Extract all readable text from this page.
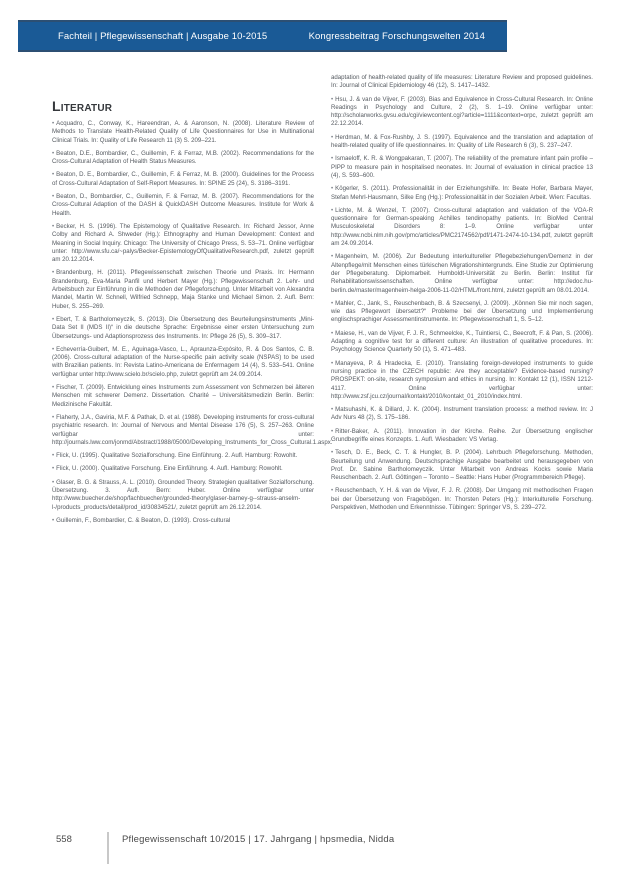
Fachteil | Pflegewissenschaft | Ausgabe 10-2015	Kongressbeitrag Forschungswelten 2014
Literatur

• Acquadro, C., Conway, K., Hareendran, A. & Aaronson, N. (2008). Literature Review of Methods to Translate Health-Related Quality of Life Questionnaires for Use in Multinational Clinical Trials. In: Quality of Life Research 11 (3) S. 209–221.

• Beaton, D.E., Bombardier, C., Guillemin, F. & Ferraz, M.B. (2002). Recommendations for the Cross-Cultural Adaptation of Health Status Measures.

• Beaton, D. E., Bombardier, C., Guillemin, F. & Ferraz, M. B. (2000). Guidelines for the Process of Cross-Cultural Adaptation of Self-Report Measures. In: SPINE 25 (24), S. 3186–3191.

• Beaton, D., Bombardier, C., Guillemin, F. & Ferraz, M. B. (2007). Recommendations for the Cross-Cultural Adaption of the DASH & QuickDASH Outcome Measures. Institute for Work & Health.

• Becker, H. S. (1996). The Epistemology of Qualitative Research. In: Richard Jessor, Anne Colby and Richard A. Shweder (Hg.): Ethnography and Human Development: Context and Meaning in Social Inquiry. Chicago: The University of Chicago Press, S. 53–71. Online verfügbar unter: http://www.sfu.ca/~palys/Becker-EpistemologyOfQualitativeResearch.pdf, zuletzt geprüft am 20.12.2014.

• Brandenburg, H. (2011). Pflegewissenschaft zwischen Theorie und Praxis. In: Hermann Brandenburg, Eva-Maria Panfil und Herbert Mayer (Hg.): Pflegewissenschaft 2. Lehr- und Arbeitsbuch zur Einführung in die Methoden der Pflegeforschung. Unter Mitarbeit von Alexandra Mandel, Martin W. Schnell, Wilfried Schnepp, Maja Stanke und Michael Simon. 2. Aufl. Bern: Huber, S. 255–269.

• Ebert, T. & Bartholomeyczik, S. (2013). Die Übersetzung des Beurteilungsinstruments „Mini-Data Set II (MDS II)“ in die deutsche Sprache: Ergebnisse einer ersten Untersuchung zum Übersetzungs- und Adaptionsprozess des Instruments. In: Pflege 26 (5), S. 309–317.

• Echeverría-Guibert, M. E., Aguinaga-Vasco, L., Apraunza-Expósito, R. & Dos Santos, C. B. (2006). Cross-cultural adaptation of the Nurse-specific pain activity scale (NSPAS) to be used with Brazilian patients. In: Revista Latino-Americana de Enfermagem 14 (4), S. 533–541. Online verfügbar unter http://www.scielo.br/scielo.php, zuletzt geprüft am 24.09.2014.

• Fischer, T. (2009). Entwicklung eines Instruments zum Assessment von Schmerzen bei älteren Menschen mit schwerer Demenz. Dissertation. Charité – Universitätsmedizin Berlin. Berlin: Medizinische Fakultät.

• Flaherty, J.A., Gaviria, M.F. & Pathak, D. et al. (1988). Developing instruments for cross-cultural psychiatric research. In: Journal of Nervous and Mental Disease 176 (5), S. 257–263. Online verfügbar unter: http://journals.lww.com/jonmd/Abstract/1988/05000/Developing_Instruments_for_Cross_Cultural.1.aspx.

• Flick, U. (1995). Qualitative Sozialforschung. Eine Einführung. 2. Aufl. Hamburg: Rowohlt.

• Flick, U. (2000). Qualitative Forschung. Eine Einführung. 4. Aufl. Hamburg: Rowohlt.

• Glaser, B. G. & Strauss, A. L. (2010). Grounded Theory. Strategien qualitativer Sozialforschung. Übersetzung. 3. Aufl. Bern: Huber. Online verfügbar unter http://www.buecher.de/shop/fachbuecher/grounded-theory/glaser-barney-g--strauss-anselm-l-/products_products/detail/prod_id/30834521/, zuletzt geprüft am 26.12.2014.

• Guillemin, F., Bombardier, C. & Beaton, D. (1993). Cross-cultural

adaptation of health-related quality of life measures: Literature Review and proposed guidelines. In: Journal of Clinical Epidemiology 46 (12), S. 1417–1432.

• Hsu, J. & van de Vijver, F. (2003). Bias and Equivalence in Cross-Cultural Research. In: Online Readings in Psychology and Culture, 2 (2), S. 1–19. Online verfügbar unter: http://scholarworks.gvsu.edu/cgi/viewcontent.cgi?article=1111&context=orpc, zuletzt geprüft am 22.12.2014.

• Herdman, M. & Fox-Rushby, J. S. (1997). Equivalence and the translation and adaptation of health-related quality of life questionnaires. In: Quality of Life Research 6 (3), S. 237–247.

• Ismaeloff, K. R. & Wongpakaran, T. (2007). The reliability of the premature infant pain profile – PIPP to measure pain in hospitalised neonates. In: Journal of evaluation in clinical practice 13 (4), S. 593–600.

• Kögerler, S. (2011). Professionalität in der Erziehungshilfe. In: Beate Hofer, Barbara Mayer, Stefan Mehrl-Hausmann, Silke Eng (Hg.): Professionalität in der Sozialen Arbeit. Wien: Facultas.

• Lichte, M. & Wenzel, T. (2007). Cross-cultural adaptation and validation of the VOA-R questionnaire for German-speaking Achilles tendinopathy patients. In: BioMed Central Musculoskeletal Disorders 8: 1–9. Online verfügbar unter http://www.ncbi.nlm.nih.gov/pmc/articles/PMC2174562/pdf/1471-2474-10-134.pdf, zuletzt geprüft am 24.09.2014.

• Magenheim, M. (2006). Zur Bedeutung interkultureller Pflegebeziehungen/Demenz in der Altenpflege/mit Menschen eines türkischen Migrationshintergrunds. Eine Studie zur Optimierung der Pflegeberatung. Diplomarbeit. Humboldt-Universität zu Berlin. Berlin: Institut für Rehabilitationswissenschaften. Online verfügbar unter: http://edoc.hu-berlin.de/master/magenheim-helga-2006-11-02/HTML/front.html, zuletzt geprüft am 08.01.2014.

• Mahler, C., Jank, S., Reuschenbach, B. & Szecsenyi, J. (2009). „Können Sie mir noch sagen, wie das Pflegewort übersetzt?“ Probleme bei der Übersetzung und Implementierung englischsprachiger Assessmentinstrumente. In: Pflegewissenschaft 1, S. 5–12.

• Maiese, H., van de Vijver, F. J. R., Schmeelcke, K., Tuintiersi, C., Beecroft, F. & Pan, S. (2006). Adapting a cognitive test for a different culture: An illustration of qualitative procedures. In: Psychology Science Quarterly 50 (1), S. 471–483.

• Manayeva, P. & Hradecka, E. (2010). Translating foreign-developed instruments to guide nursing practice in the CZECH republic: Are they acceptable? Evidence-based nursing? PROSPEKT: on-site, research symposium and ethics in nursing. In: Kontakt 12 (1), ISSN 1212-4117. Online verfügbar unter: http://www.zsf.jcu.cz/journal/kontakt/2010/kontakt_01_2010/index.html.

• Matsuhashi, K. & Dillard, J. K. (2004). Instrument translation process: a method review. In: J Adv Nurs 48 (2), S. 175–186.

• Ritter-Baker, A. (2011). Innovation in der Kirche. Reihe. Zur Übersetzung englischer Grundbegriffe eines Konzepts. 1. Aufl. Wiesbaden: VS Verlag.

• Tesch, D. E., Beck, C. T. & Hungler, B. P. (2004). Lehrbuch Pflegeforschung. Methoden, Beurteilung und Anwendung. Deutschsprachige Ausgabe bearbeitet und herausgegeben von Prof. Dr. Sabine Bartholomeyczik. Unter Mitarbeit von Andreas Kocks sowie Maria Reuschenbach. 2. Aufl. Göttingen – Toronto – Seattle: Hans Huber (Programmbereich Pflege).

• Reuschenbach, Y. H. & van de Vijver, F. J. R. (2008). Der Umgang mit methodischen Fragen bei der Übersetzung von Fragebögen. In: Thorsten Peters (Hg.): Interkulturelle Forschung. Perspektiven, Methoden und Erkenntnisse. Tübingen: Springer VS, S. 239–272.

558	Pflegewissenschaft 10/2015 | 17. Jahrgang | hpsmedia, Nidda
